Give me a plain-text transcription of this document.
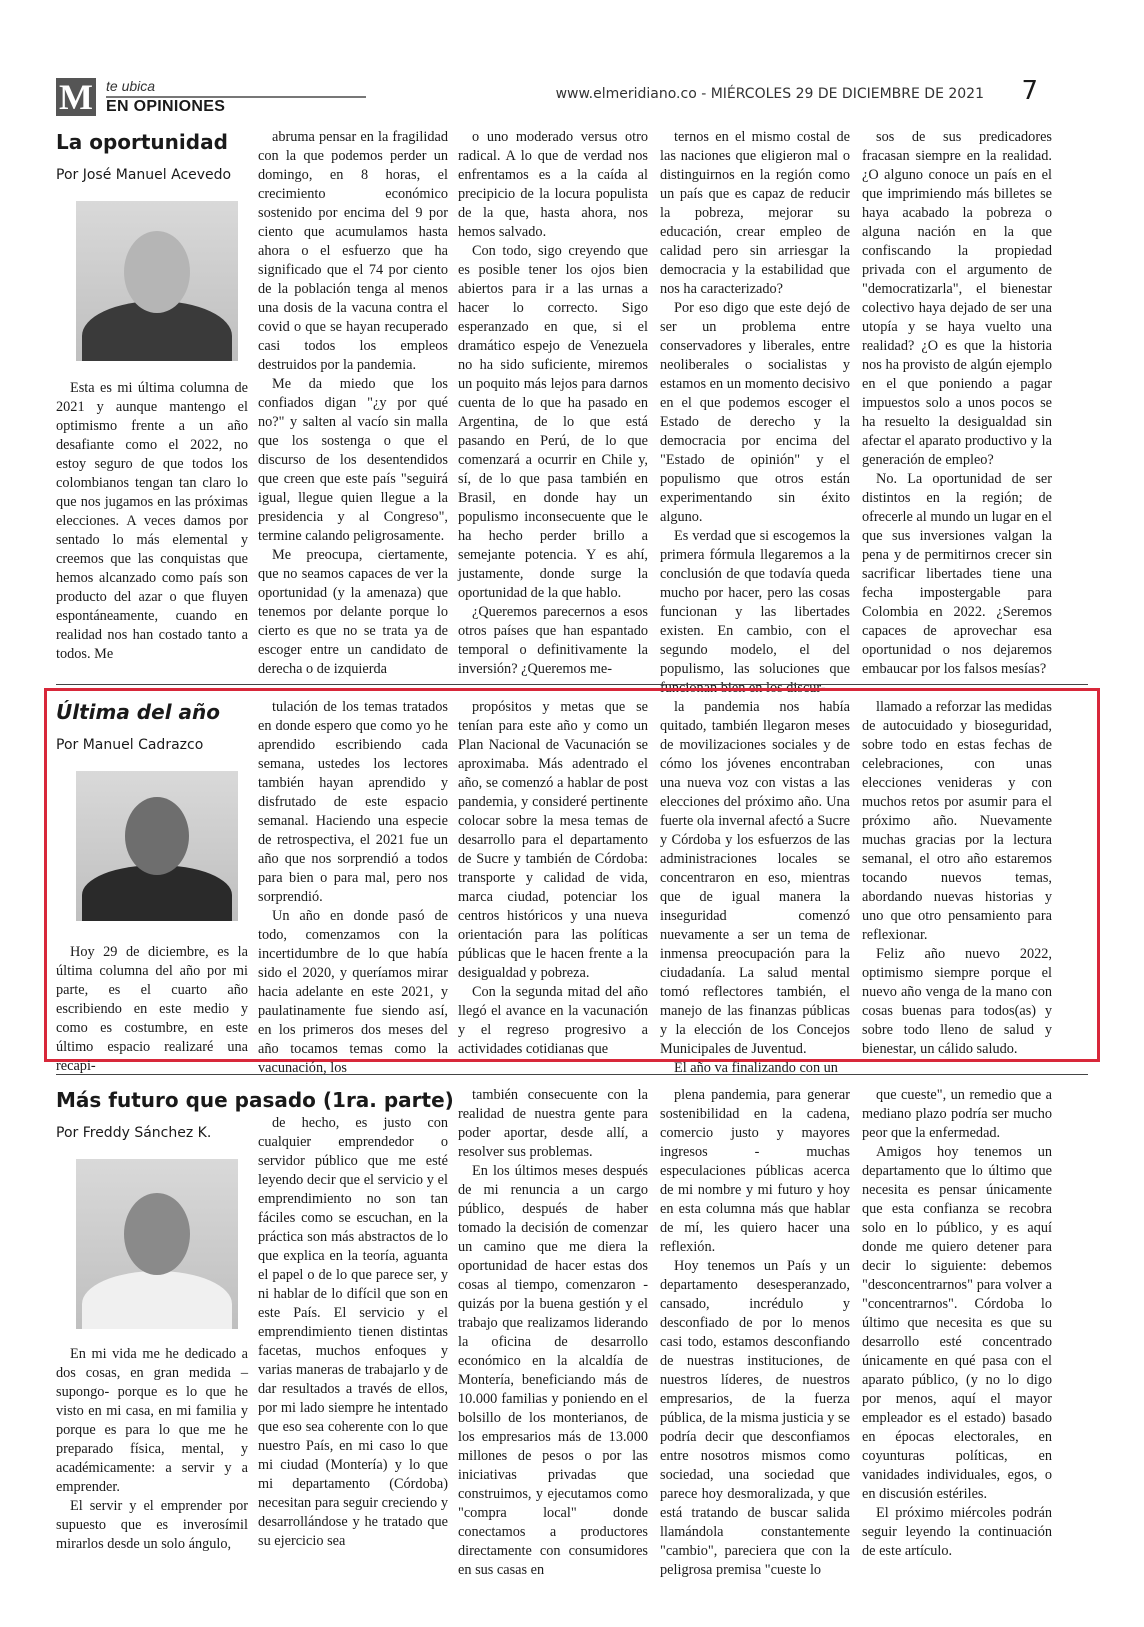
M te ubica
EN OPINIONES
www.elmeridiano.co - MIÉRCOLES 29 DE DICIEMBRE DE 2021 7
La oportunidad
Por José Manuel Acevedo

Esta es mi última columna de 2021 y aunque mantengo el optimismo frente a un año desafiante como el 2022, no estoy seguro de que todos los colombianos tengan tan claro lo que nos jugamos en las próximas elecciones. A veces damos por sentado lo más elemental y creemos que las conquistas que hemos alcanzado como país son producto del azar o que fluyen espontáneamente, cuando en realidad nos han costado tanto a todos. Me

abruma pensar en la fragilidad con la que podemos perder un domingo, en 8 horas, el crecimiento económico sostenido por encima del 9 por ciento que acumulamos hasta ahora o el esfuerzo que ha significado que el 74 por ciento de la población tenga al menos una dosis de la vacuna contra el covid o que se hayan recuperado casi todos los empleos destruidos por la pandemia.

Me da miedo que los confiados digan "¿y por qué no?" y salten al vacío sin malla que los sostenga o que el discurso de los desentendidos que creen que este país "seguirá igual, llegue quien llegue a la presidencia y al Congreso", termine calando peligrosamente.

Me preocupa, ciertamente, que no seamos capaces de ver la oportunidad (y la amenaza) que tenemos por delante porque lo cierto es que no se trata ya de escoger entre un candidato de derecha o de izquierda

o uno moderado versus otro radical. A lo que de verdad nos enfrentamos es a la caída al precipicio de la locura populista de la que, hasta ahora, nos hemos salvado.

Con todo, sigo creyendo que es posible tener los ojos bien abiertos para ir a las urnas a hacer lo correcto. Sigo esperanzado en que, si el dramático espejo de Venezuela no ha sido suficiente, miremos un poquito más lejos para darnos cuenta de lo que ha pasado en Argentina, de lo que está pasando en Perú, de lo que comenzará a ocurrir en Chile y, sí, de lo que pasa también en Brasil, en donde hay un populismo inconsecuente que le ha hecho perder brillo a semejante potencia. Y es ahí, justamente, donde surge la oportunidad de la que hablo.

¿Queremos parecernos a esos otros países que han espantado temporal o definitivamente la inversión? ¿Queremos me-

ternos en el mismo costal de las naciones que eligieron mal o distinguirnos en la región como un país que es capaz de reducir la pobreza, mejorar su educación, crear empleo de calidad pero sin arriesgar la democracia y la estabilidad que nos ha caracterizado?

Por eso digo que este dejó de ser un problema entre conservadores y liberales, entre neoliberales o socialistas y estamos en un momento decisivo en el que podemos escoger el Estado de derecho y la democracia por encima del "Estado de opinión" y el populismo que otros están experimentando sin éxito alguno.

Es verdad que si escogemos la primera fórmula llegaremos a la conclusión de que todavía queda mucho por hacer, pero las cosas funcionan y las libertades existen. En cambio, con el segundo modelo, el del populismo, las soluciones que funcionan bien en los discur-

sos de sus predicadores fracasan siempre en la realidad. ¿O alguno conoce un país en el que imprimiendo más billetes se haya acabado la pobreza o alguna nación en la que confiscando la propiedad privada con el argumento de "democratizarla", el bienestar colectivo haya dejado de ser una utopía y se haya vuelto una realidad? ¿O es que la historia nos ha provisto de algún ejemplo en el que poniendo a pagar impuestos solo a unos pocos se ha resuelto la desigualdad sin afectar el aparato productivo y la generación de empleo?

No. La oportunidad de ser distintos en la región; de ofrecerle al mundo un lugar en el que sus inversiones valgan la pena y de permitirnos crecer sin sacrificar libertades tiene una fecha impostergable para Colombia en 2022. ¿Seremos capaces de aprovechar esa oportunidad o nos dejaremos embaucar por los falsos mesías?

Última del año
Por Manuel Cadrazco

Hoy 29 de diciembre, es la última columna del año por mi parte, es el cuarto año escribiendo en este medio y como es costumbre, en este último espacio realizaré una recapi-

tulación de los temas tratados en donde espero que como yo he aprendido escribiendo cada semana, ustedes los lectores también hayan aprendido y disfrutado de este espacio semanal. Haciendo una especie de retrospectiva, el 2021 fue un año que nos sorprendió a todos para bien o para mal, pero nos sorprendió.

Un año en donde pasó de todo, comenzamos con la incertidumbre de lo que había sido el 2020, y queríamos mirar hacia adelante en este 2021, y paulatinamente fue siendo así, en los primeros dos meses del año tocamos temas como la vacunación, los

propósitos y metas que se tenían para este año y como un Plan Nacional de Vacunación se aproximaba. Más adentrado el año, se comenzó a hablar de post pandemia, y consideré pertinente colocar sobre la mesa temas de desarrollo para el departamento de Sucre y también de Córdoba: transporte y calidad de vida, marca ciudad, potenciar los centros históricos y una nueva orientación para las políticas públicas que le hacen frente a la desigualdad y pobreza.

Con la segunda mitad del año llegó el avance en la vacunación y el regreso progresivo a actividades cotidianas que

la pandemia nos había quitado, también llegaron meses de movilizaciones sociales y de cómo los jóvenes encontraban una nueva voz con vistas a las elecciones del próximo año. Una fuerte ola invernal afectó a Sucre y Córdoba y los esfuerzos de las administraciones locales se concentraron en eso, mientras que de igual manera la inseguridad comenzó nuevamente a ser un tema de inmensa preocupación para la ciudadanía. La salud mental tomó reflectores también, el manejo de las finanzas públicas y la elección de los Concejos Municipales de Juventud.

El año va finalizando con un

llamado a reforzar las medidas de autocuidado y bioseguridad, sobre todo en estas fechas de celebraciones, con unas elecciones venideras y con muchos retos por asumir para el próximo año. Nuevamente muchas gracias por la lectura semanal, el otro año estaremos tocando nuevos temas, abordando nuevas historias y uno que otro pensamiento para reflexionar.

Feliz año nuevo 2022, optimismo siempre porque el nuevo año venga de la mano con cosas buenas para todos(as) y sobre todo lleno de salud y bienestar, un cálido saludo.

Más futuro que pasado (1ra. parte)
Por Freddy Sánchez K.

En mi vida me he dedicado a dos cosas, en gran medida –supongo- porque es lo que he visto en mi casa, en mi familia y porque es para lo que me he preparado física, mental, y académicamente: a servir y a emprender.

El servir y el emprender por supuesto que es inverosímil mirarlos desde un solo ángulo,

de hecho, es justo con cualquier emprendedor o servidor público que me esté leyendo decir que el servicio y el emprendimiento no son tan fáciles como se escuchan, en la práctica son más abstractos de lo que explica en la teoría, aguanta el papel o de lo que parece ser, y ni hablar de lo difícil que son en este País. El servicio y el emprendimiento tienen distintas facetas, muchos enfoques y varias maneras de trabajarlo y de dar resultados a través de ellos, por mi lado siempre he intentado que eso sea coherente con lo que nuestro País, en mi caso lo que mi ciudad (Montería) y lo que mi departamento (Córdoba) necesitan para seguir creciendo y desarrollándose y he tratado que su ejercicio sea

también consecuente con la realidad de nuestra gente para poder aportar, desde allí, a resolver sus problemas.

En los últimos meses después de mi renuncia a un cargo público, después de haber tomado la decisión de comenzar un camino que me diera la oportunidad de hacer estas dos cosas al tiempo, comenzaron - quizás por la buena gestión y el trabajo que realizamos liderando la oficina de desarrollo económico en la alcaldía de Montería, beneficiando más de 10.000 familias y poniendo en el bolsillo de los monterianos, de los empresarios más de 13.000 millones de pesos o por las iniciativas privadas que construimos, y ejecutamos como "compra local" donde conectamos a productores directamente con consumidores en sus casas en

plena pandemia, para generar sostenibilidad en la cadena, comercio justo y mayores ingresos - muchas especulaciones públicas acerca de mi nombre y mi futuro y hoy en esta columna más que hablar de mí, les quiero hacer una reflexión.

Hoy tenemos un País y un departamento desesperanzado, cansado, incrédulo y desconfiado de por lo menos casi todo, estamos desconfiando de nuestras instituciones, de nuestros líderes, de nuestros empresarios, de la fuerza pública, de la misma justicia y se podría decir que desconfiamos entre nosotros mismos como sociedad, una sociedad que parece hoy desmoralizada, y que está tratando de buscar salida llamándola constantemente "cambio", pareciera que con la peligrosa premisa "cueste lo

que cueste", un remedio que a mediano plazo podría ser mucho peor que la enfermedad.

Amigos hoy tenemos un departamento que lo último que necesita es pensar únicamente que esta confianza se recobra solo en lo público, y es aquí donde me quiero detener para decir lo siguiente: debemos "desconcentrarnos" para volver a "concentrarnos". Córdoba lo último que necesita es que su desarrollo esté concentrado únicamente en qué pasa con el aparato público, (y no lo digo por menos, aquí el mayor empleador es el estado) basado en épocas electorales, en coyunturas políticas, en vanidades individuales, egos, o en discusión estériles.

El próximo miércoles podrán seguir leyendo la continuación de este artículo.
